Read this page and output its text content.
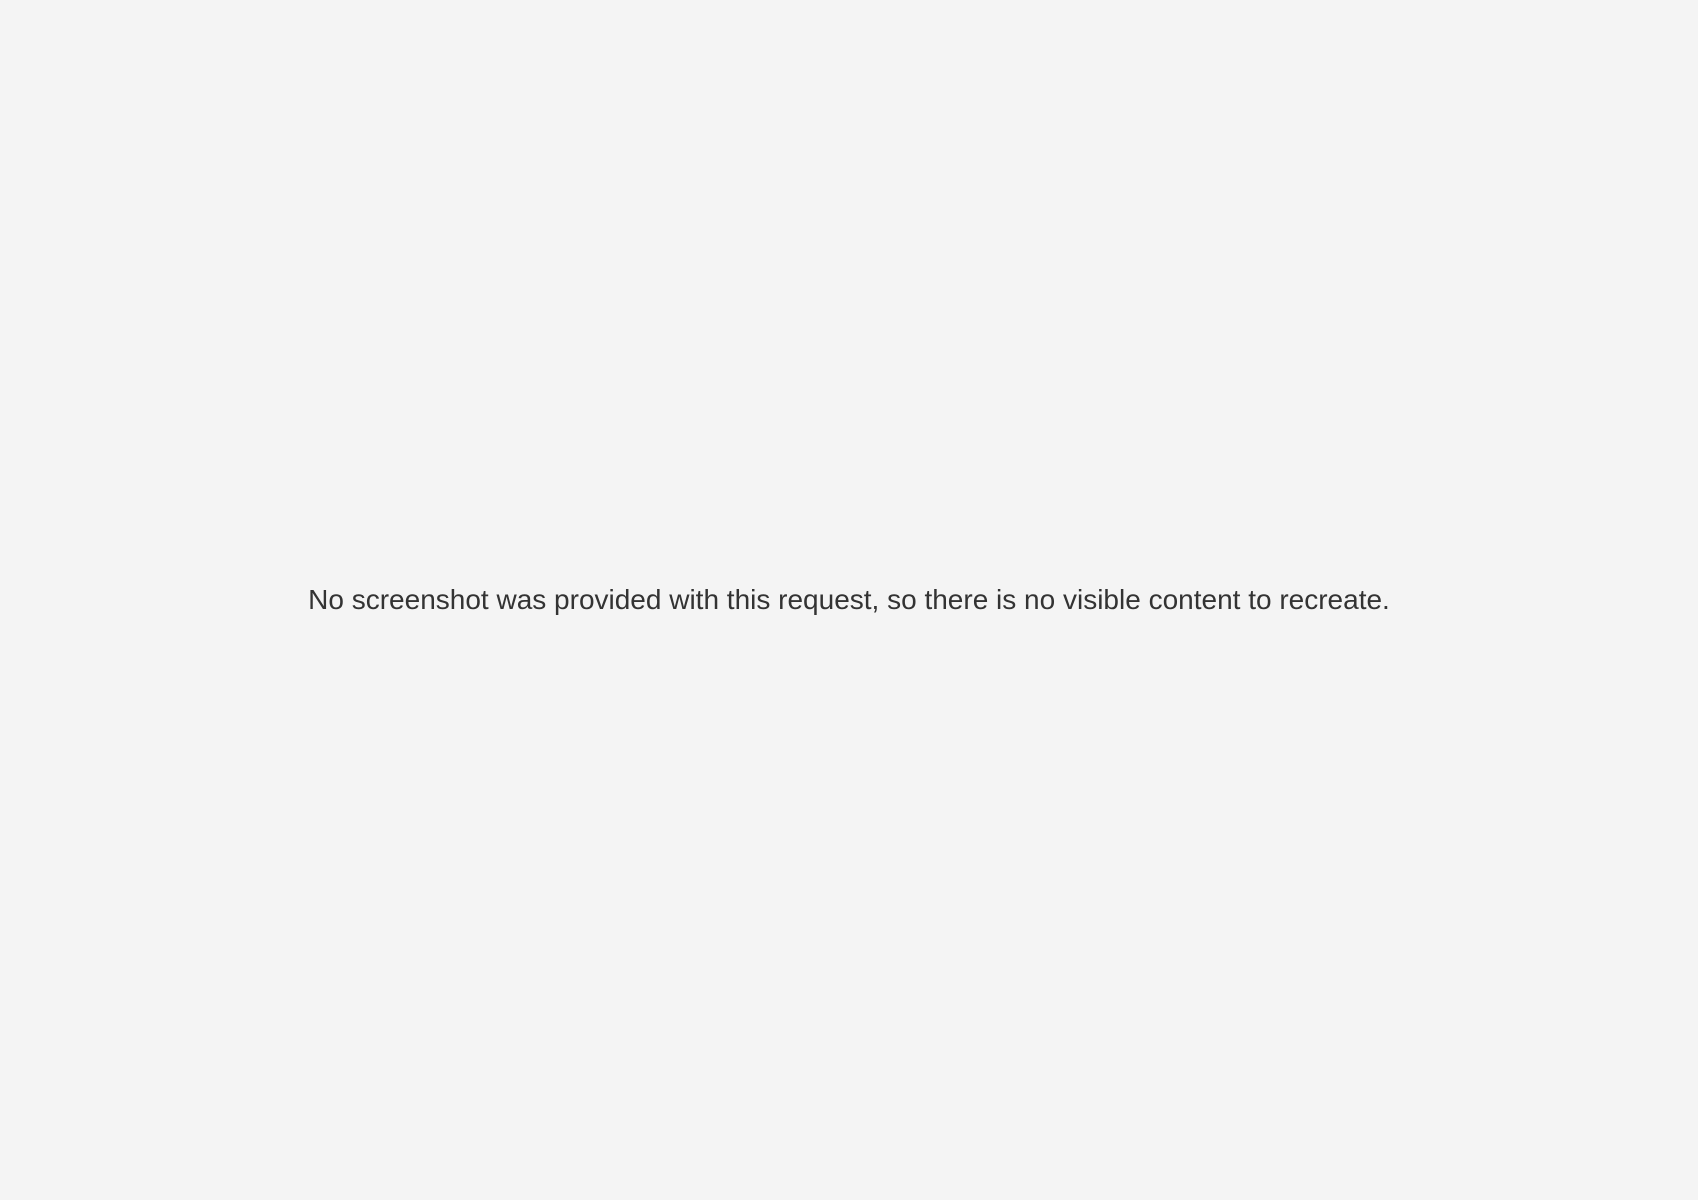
No screenshot was provided with this request, so there is no visible content to recreate.
